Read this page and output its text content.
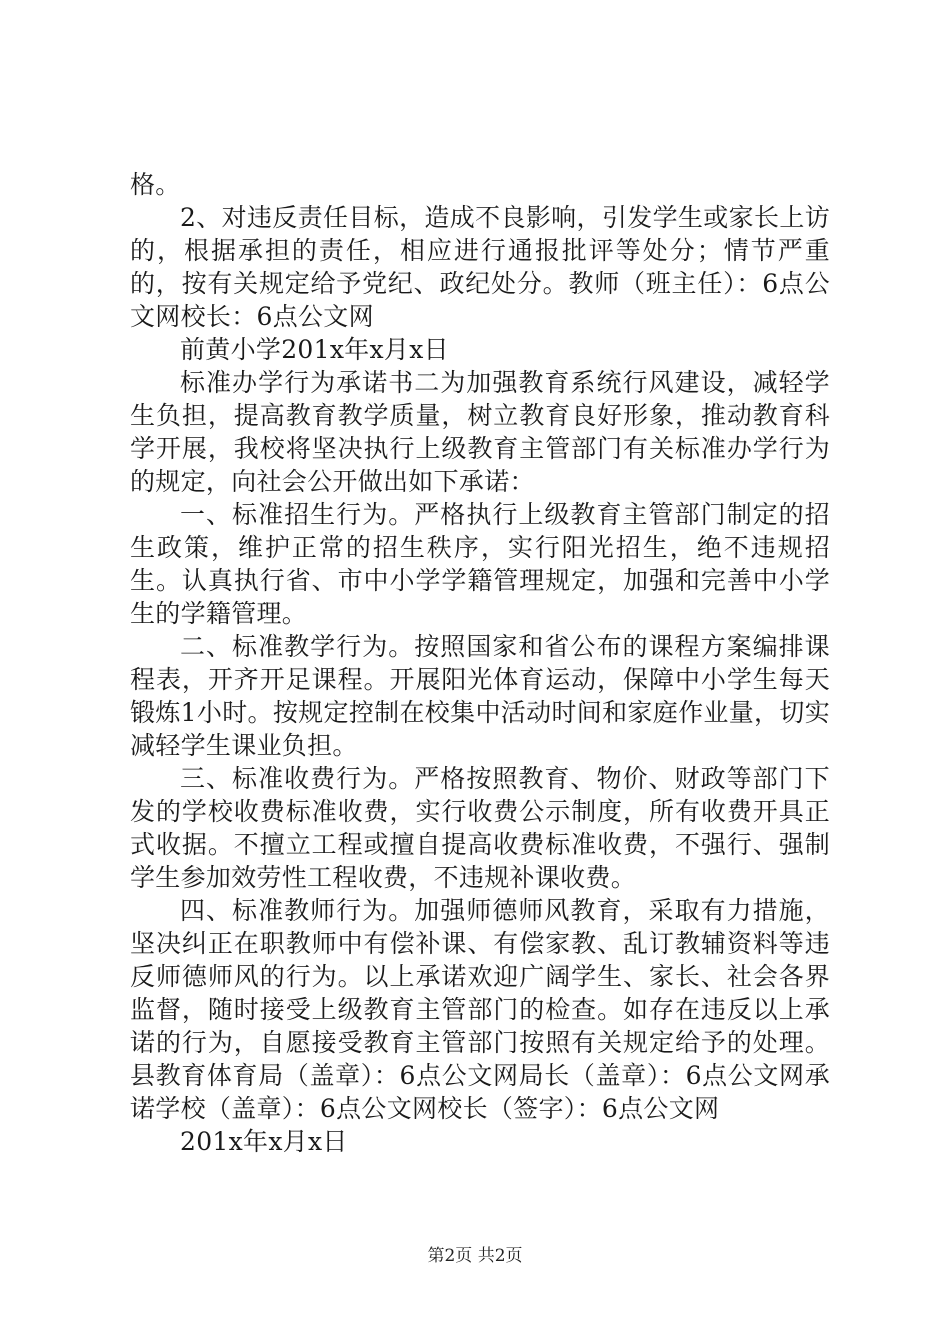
格。

2、对违反责任目标，造成不良影响，引发学生或家长上访的，根据承担的责任，相应进行通报批评等处分；情节严重的，按有关规定给予党纪、政纪处分。教师（班主任）：6点公文网校长：6点公文网

前黄小学201x年x月x日

标准办学行为承诺书二为加强教育系统行风建设，减轻学生负担，提高教育教学质量，树立教育良好形象，推动教育科学开展，我校将坚决执行上级教育主管部门有关标准办学行为的规定，向社会公开做出如下承诺：

一、标准招生行为。严格执行上级教育主管部门制定的招生政策，维护正常的招生秩序，实行阳光招生，绝不违规招生。认真执行省、市中小学学籍管理规定，加强和完善中小学生的学籍管理。

二、标准教学行为。按照国家和省公布的课程方案编排课程表，开齐开足课程。开展阳光体育运动，保障中小学生每天锻炼1小时。按规定控制在校集中活动时间和家庭作业量，切实减轻学生课业负担。

三、标准收费行为。严格按照教育、物价、财政等部门下发的学校收费标准收费，实行收费公示制度，所有收费开具正式收据。不擅立工程或擅自提高收费标准收费，不强行、强制学生参加效劳性工程收费，不违规补课收费。

四、标准教师行为。加强师德师风教育，采取有力措施，坚决纠正在职教师中有偿补课、有偿家教、乱订教辅资料等违反师德师风的行为。以上承诺欢迎广阔学生、家长、社会各界监督，随时接受上级教育主管部门的检查。如存在违反以上承诺的行为，自愿接受教育主管部门按照有关规定给予的处理。县教育体育局（盖章）：6点公文网局长（盖章）：6点公文网承诺学校（盖章）：6点公文网校长（签字）：6点公文网

201x年x月x日

第2页 共2页
